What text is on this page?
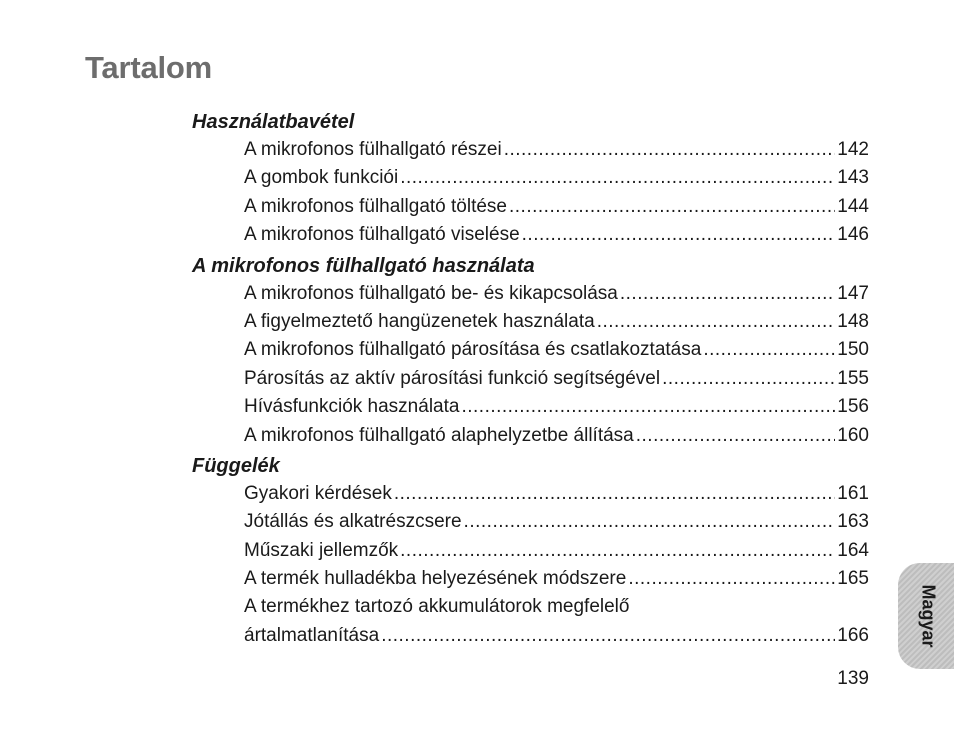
Tartalom
Használatbavétel
A mikrofonos fülhallgató részei .....	142
A gombok funkciói .....	143
A mikrofonos fülhallgató töltése .....	144
A mikrofonos fülhallgató viselése .....	146
A mikrofonos fülhallgató használata
A mikrofonos fülhallgató be- és kikapcsolása .....	147
A figyelmeztető hangüzenetek használata .....	148
A mikrofonos fülhallgató párosítása és csatlakoztatása .....	150
Párosítás az aktív párosítási funkció segítségével .....	155
Hívásfunkciók használata .....	156
A mikrofonos fülhallgató alaphelyzetbe állítása .....	160
Függelék
Gyakori kérdések .....	161
Jótállás és alkatrészcsere .....	163
Műszaki jellemzők .....	164
A termék hulladékba helyezésének módszere .....	165
A termékhez tartozó akkumulátorok megfelelő
ártalmatlanítása .....	166
139
Magyar
